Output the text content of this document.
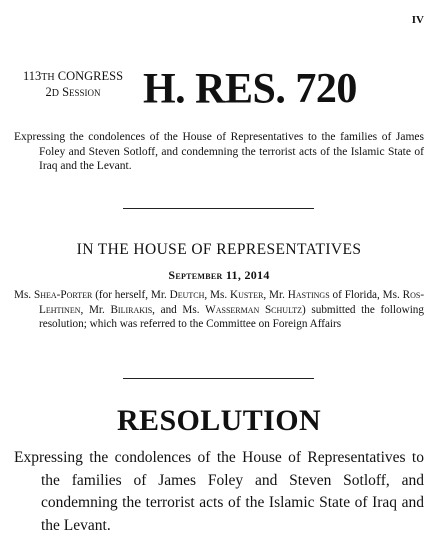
IV
113TH CONGRESS
2D Session	H. RES. 720
Expressing the condolences of the House of Representatives to the families of James Foley and Steven Sotloff, and condemning the terrorist acts of the Islamic State of Iraq and the Levant.
IN THE HOUSE OF REPRESENTATIVES
September 11, 2014
Ms. Shea-Porter (for herself, Mr. Deutch, Ms. Kuster, Mr. Hastings of Florida, Ms. Ros-Lehtinen, Mr. Bilirakis, and Ms. Wasserman Schultz) submitted the following resolution; which was referred to the Committee on Foreign Affairs
RESOLUTION
Expressing the condolences of the House of Representatives to the families of James Foley and Steven Sotloff, and condemning the terrorist acts of the Islamic State of Iraq and the Levant.
